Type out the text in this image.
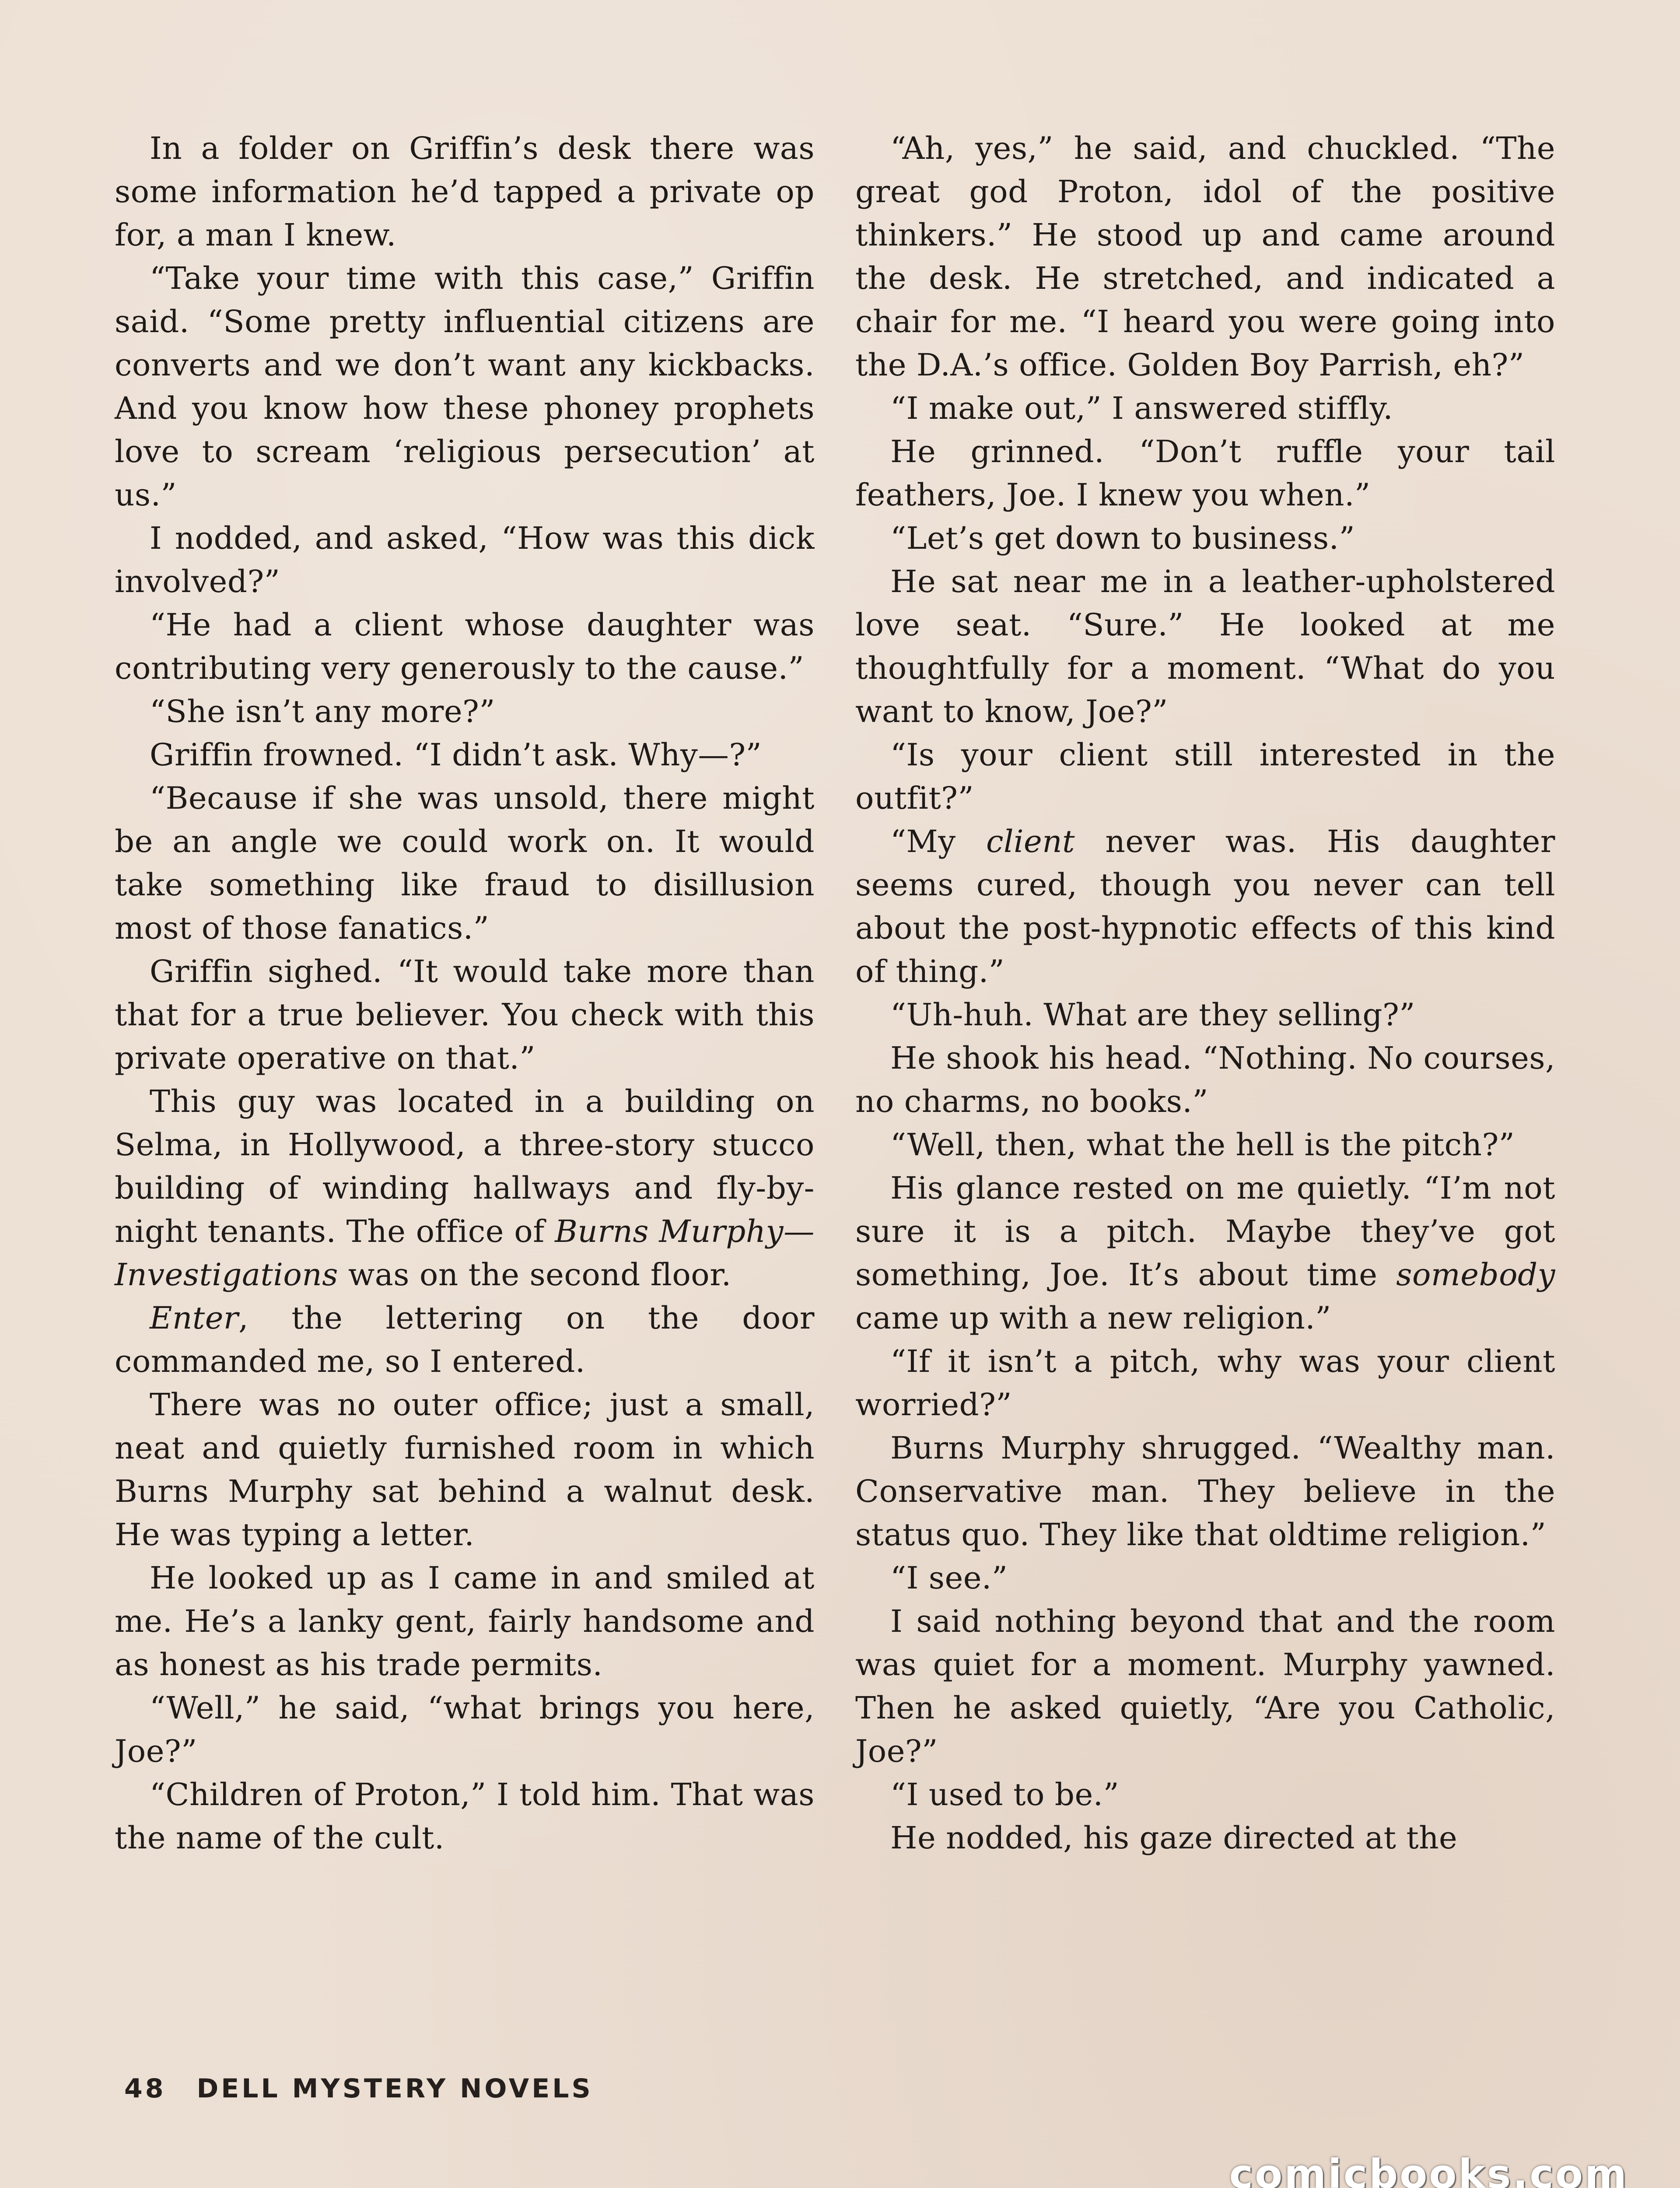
In a folder on Griffin’s desk there was some information he’d tapped a private op for, a man I knew.

“Take your time with this case,” Griffin said. “Some pretty influential citizens are converts and we don’t want any kickbacks. And you know how these phoney prophets love to scream ‘religious persecution’ at us.”

I nodded, and asked, “How was this dick involved?”

“He had a client whose daughter was contributing very generously to the cause.”

“She isn’t any more?”

Griffin frowned. “I didn’t ask. Why—?”

“Because if she was unsold, there might be an angle we could work on. It would take something like fraud to disillusion most of those fanatics.”

Griffin sighed. “It would take more than that for a true believer. You check with this private operative on that.”

This guy was located in a building on Selma, in Hollywood, a three-story stucco building of winding hallways and fly-by-night tenants. The office of Burns Murphy—Investigations was on the second floor.

Enter, the lettering on the door commanded me, so I entered.

There was no outer office; just a small, neat and quietly furnished room in which Burns Murphy sat behind a walnut desk. He was typing a letter.

He looked up as I came in and smiled at me. He’s a lanky gent, fairly handsome and as honest as his trade permits.

“Well,” he said, “what brings you here, Joe?”

“Children of Proton,” I told him. That was the name of the cult.

“Ah, yes,” he said, and chuckled. “The great god Proton, idol of the positive thinkers.” He stood up and came around the desk. He stretched, and indicated a chair for me. “I heard you were going into the D.A.’s office. Golden Boy Parrish, eh?”

“I make out,” I answered stiffly.

He grinned. “Don’t ruffle your tail feathers, Joe. I knew you when.”

“Let’s get down to business.”

He sat near me in a leather-upholstered love seat. “Sure.” He looked at me thoughtfully for a moment. “What do you want to know, Joe?”

“Is your client still interested in the outfit?”

“My client never was. His daughter seems cured, though you never can tell about the post-hypnotic effects of this kind of thing.”

“Uh-huh. What are they selling?”

He shook his head. “Nothing. No courses, no charms, no books.”

“Well, then, what the hell is the pitch?”

His glance rested on me quietly. “I’m not sure it is a pitch. Maybe they’ve got something, Joe. It’s about time somebody came up with a new religion.”

“If it isn’t a pitch, why was your client worried?”

Burns Murphy shrugged. “Wealthy man. Conservative man. They believe in the status quo. They like that oldtime religion.”

“I see.”

I said nothing beyond that and the room was quiet for a moment. Murphy yawned. Then he asked quietly, “Are you Catholic, Joe?”

“I used to be.”

He nodded, his gaze directed at the

48 DELL MYSTERY NOVELS
comicbooks.com
